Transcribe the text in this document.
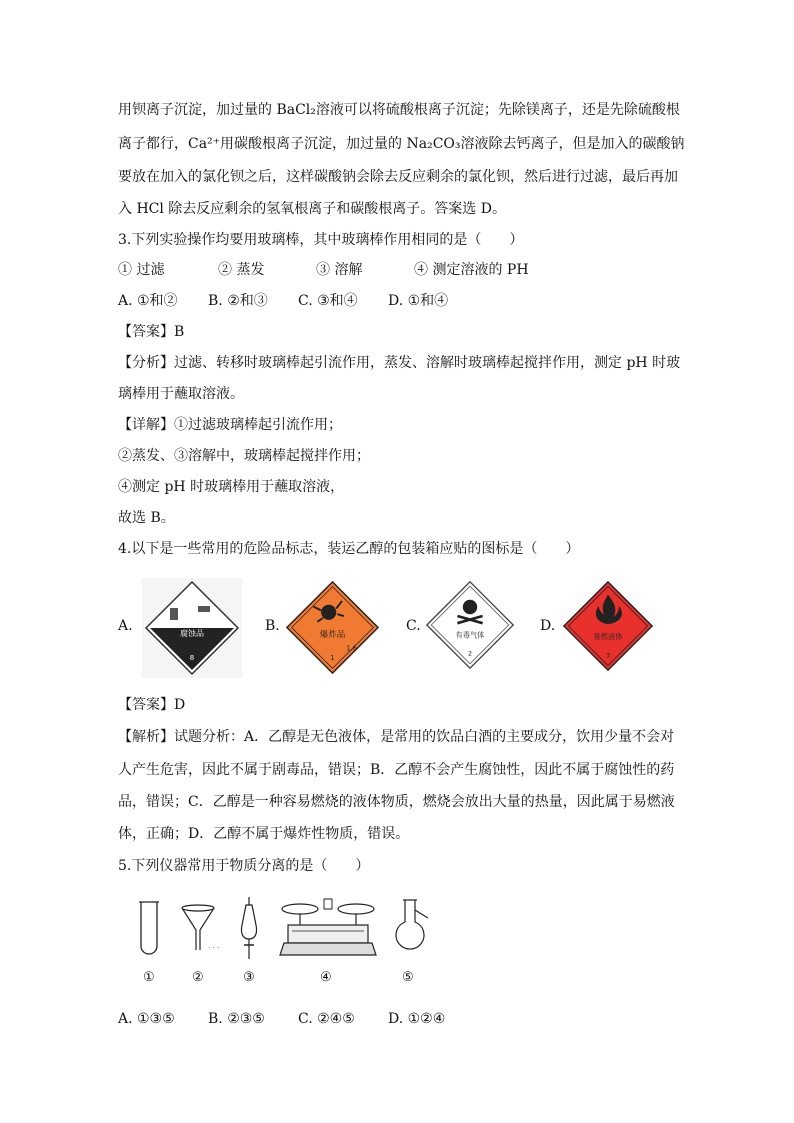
用钡离子沉淀，加过量的 BaCl₂溶液可以将硫酸根离子沉淀；先除镁离子，还是先除硫酸根
离子都行，Ca²⁺用碳酸根离子沉淀，加过量的 Na₂CO₃溶液除去钙离子，但是加入的碳酸钠
要放在加入的氯化钡之后，这样碳酸钠会除去反应剩余的氯化钡，然后进行过滤，最后再加
入 HCl 除去反应剩余的氢氧根离子和碳酸根离子。答案选 D。
3.下列实验操作均要用玻璃棒，其中玻璃棒作用相同的是（　　）
① 过滤	② 蒸发	③ 溶解	④ 测定溶液的 PH
A. ①和② B. ②和③ C. ③和④ D. ①和④
【答案】B
【分析】过滤、转移时玻璃棒起引流作用，蒸发、溶解时玻璃棒起搅拌作用，测定 pH 时玻
璃棒用于蘸取溶液。
【详解】①过滤玻璃棒起引流作用；
②蒸发、③溶解中，玻璃棒起搅拌作用；
④测定 pH 时玻璃棒用于蘸取溶液，
故选 B。
4.以下是一些常用的危险品标志，装运乙醇的包装箱应贴的图标是（　　）
A.	腐蚀品
8
B.
爆炸品
1
1.6
C.
有毒气体
2
D.
易燃液体
3
【答案】D
【解析】试题分析：A．乙醇是无色液体，是常用的饮品白酒的主要成分，饮用少量不会对
人产生危害，因此不属于剧毒品，错误；B．乙醇不会产生腐蚀性，因此不属于腐蚀性的药
品，错误；C．乙醇是一种容易燃烧的液体物质，燃烧会放出大量的热量，因此属于易燃液
体，正确；D．乙醇不属于爆炸性物质，错误。
5.下列仪器常用于物质分离的是（　　）
· · ·
①	②	③	④	⑤
A. ①③⑤ B. ②③⑤ C. ②④⑤ D. ①②④
